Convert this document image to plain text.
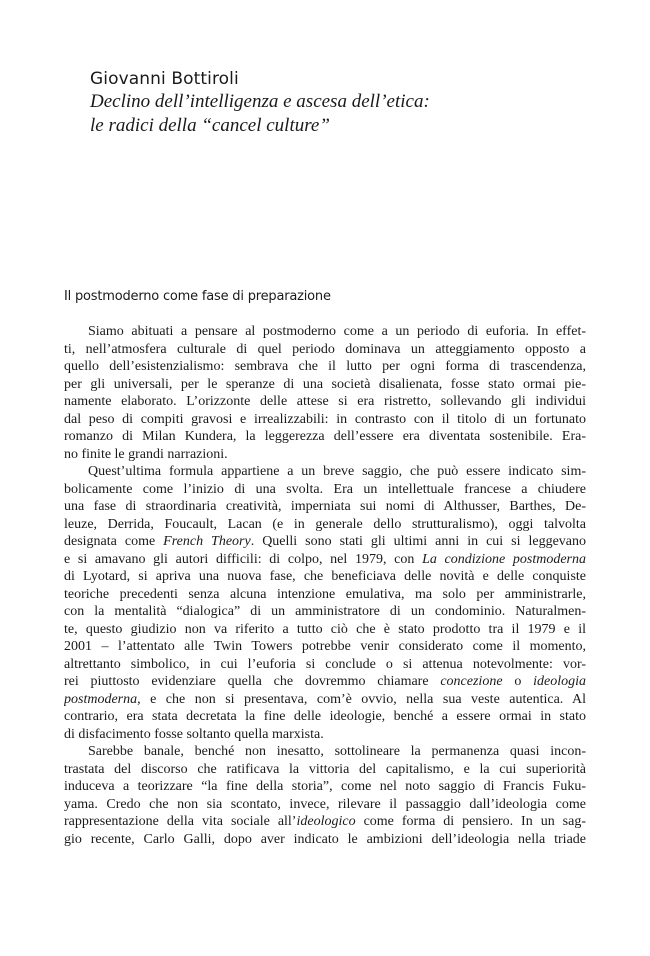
Giovanni Bottiroli

Declino dell’intelligenza e ascesa dell’etica:

le radici della “cancel culture”

Il postmoderno come fase di preparazione
Siamo abituati a pensare al postmoderno come a un periodo di euforia. In effet-
ti, nell’atmosfera culturale di quel periodo dominava un atteggiamento opposto a
quello dell’esistenzialismo: sembrava che il lutto per ogni forma di trascendenza,
per gli universali, per le speranze di una società disalienata, fosse stato ormai pie-
namente elaborato. L’orizzonte delle attese si era ristretto, sollevando gli individui
dal peso di compiti gravosi e irrealizzabili: in contrasto con il titolo di un fortunato
romanzo di Milan Kundera, la leggerezza dell’essere era diventata sostenibile. Era-
no finite le grandi narrazioni.
Quest’ultima formula appartiene a un breve saggio, che può essere indicato sim-
bolicamente come l’inizio di una svolta. Era un intellettuale francese a chiudere
una fase di straordinaria creatività, imperniata sui nomi di Althusser, Barthes, De-
leuze, Derrida, Foucault, Lacan (e in generale dello strutturalismo), oggi talvolta
designata come French Theory. Quelli sono stati gli ultimi anni in cui si leggevano
e si amavano gli autori difficili: di colpo, nel 1979, con La condizione postmoderna
di Lyotard, si apriva una nuova fase, che beneficiava delle novità e delle conquiste
teoriche precedenti senza alcuna intenzione emulativa, ma solo per amministrarle,
con la mentalità “dialogica” di un amministratore di un condominio. Naturalmen-
te, questo giudizio non va riferito a tutto ciò che è stato prodotto tra il 1979 e il
2001 – l’attentato alle Twin Towers potrebbe venir considerato come il momento,
altrettanto simbolico, in cui l’euforia si conclude o si attenua notevolmente: vor-
rei piuttosto evidenziare quella che dovremmo chiamare concezione o ideologia
postmoderna, e che non si presentava, com’è ovvio, nella sua veste autentica. Al
contrario, era stata decretata la fine delle ideologie, benché a essere ormai in stato
di disfacimento fosse soltanto quella marxista.
Sarebbe banale, benché non inesatto, sottolineare la permanenza quasi incon-
trastata del discorso che ratificava la vittoria del capitalismo, e la cui superiorità
induceva a teorizzare “la fine della storia”, come nel noto saggio di Francis Fuku-
yama. Credo che non sia scontato, invece, rilevare il passaggio dall’ideologia come
rappresentazione della vita sociale all’ideologico come forma di pensiero. In un sag-
gio recente, Carlo Galli, dopo aver indicato le ambizioni dell’ideologia nella triade
